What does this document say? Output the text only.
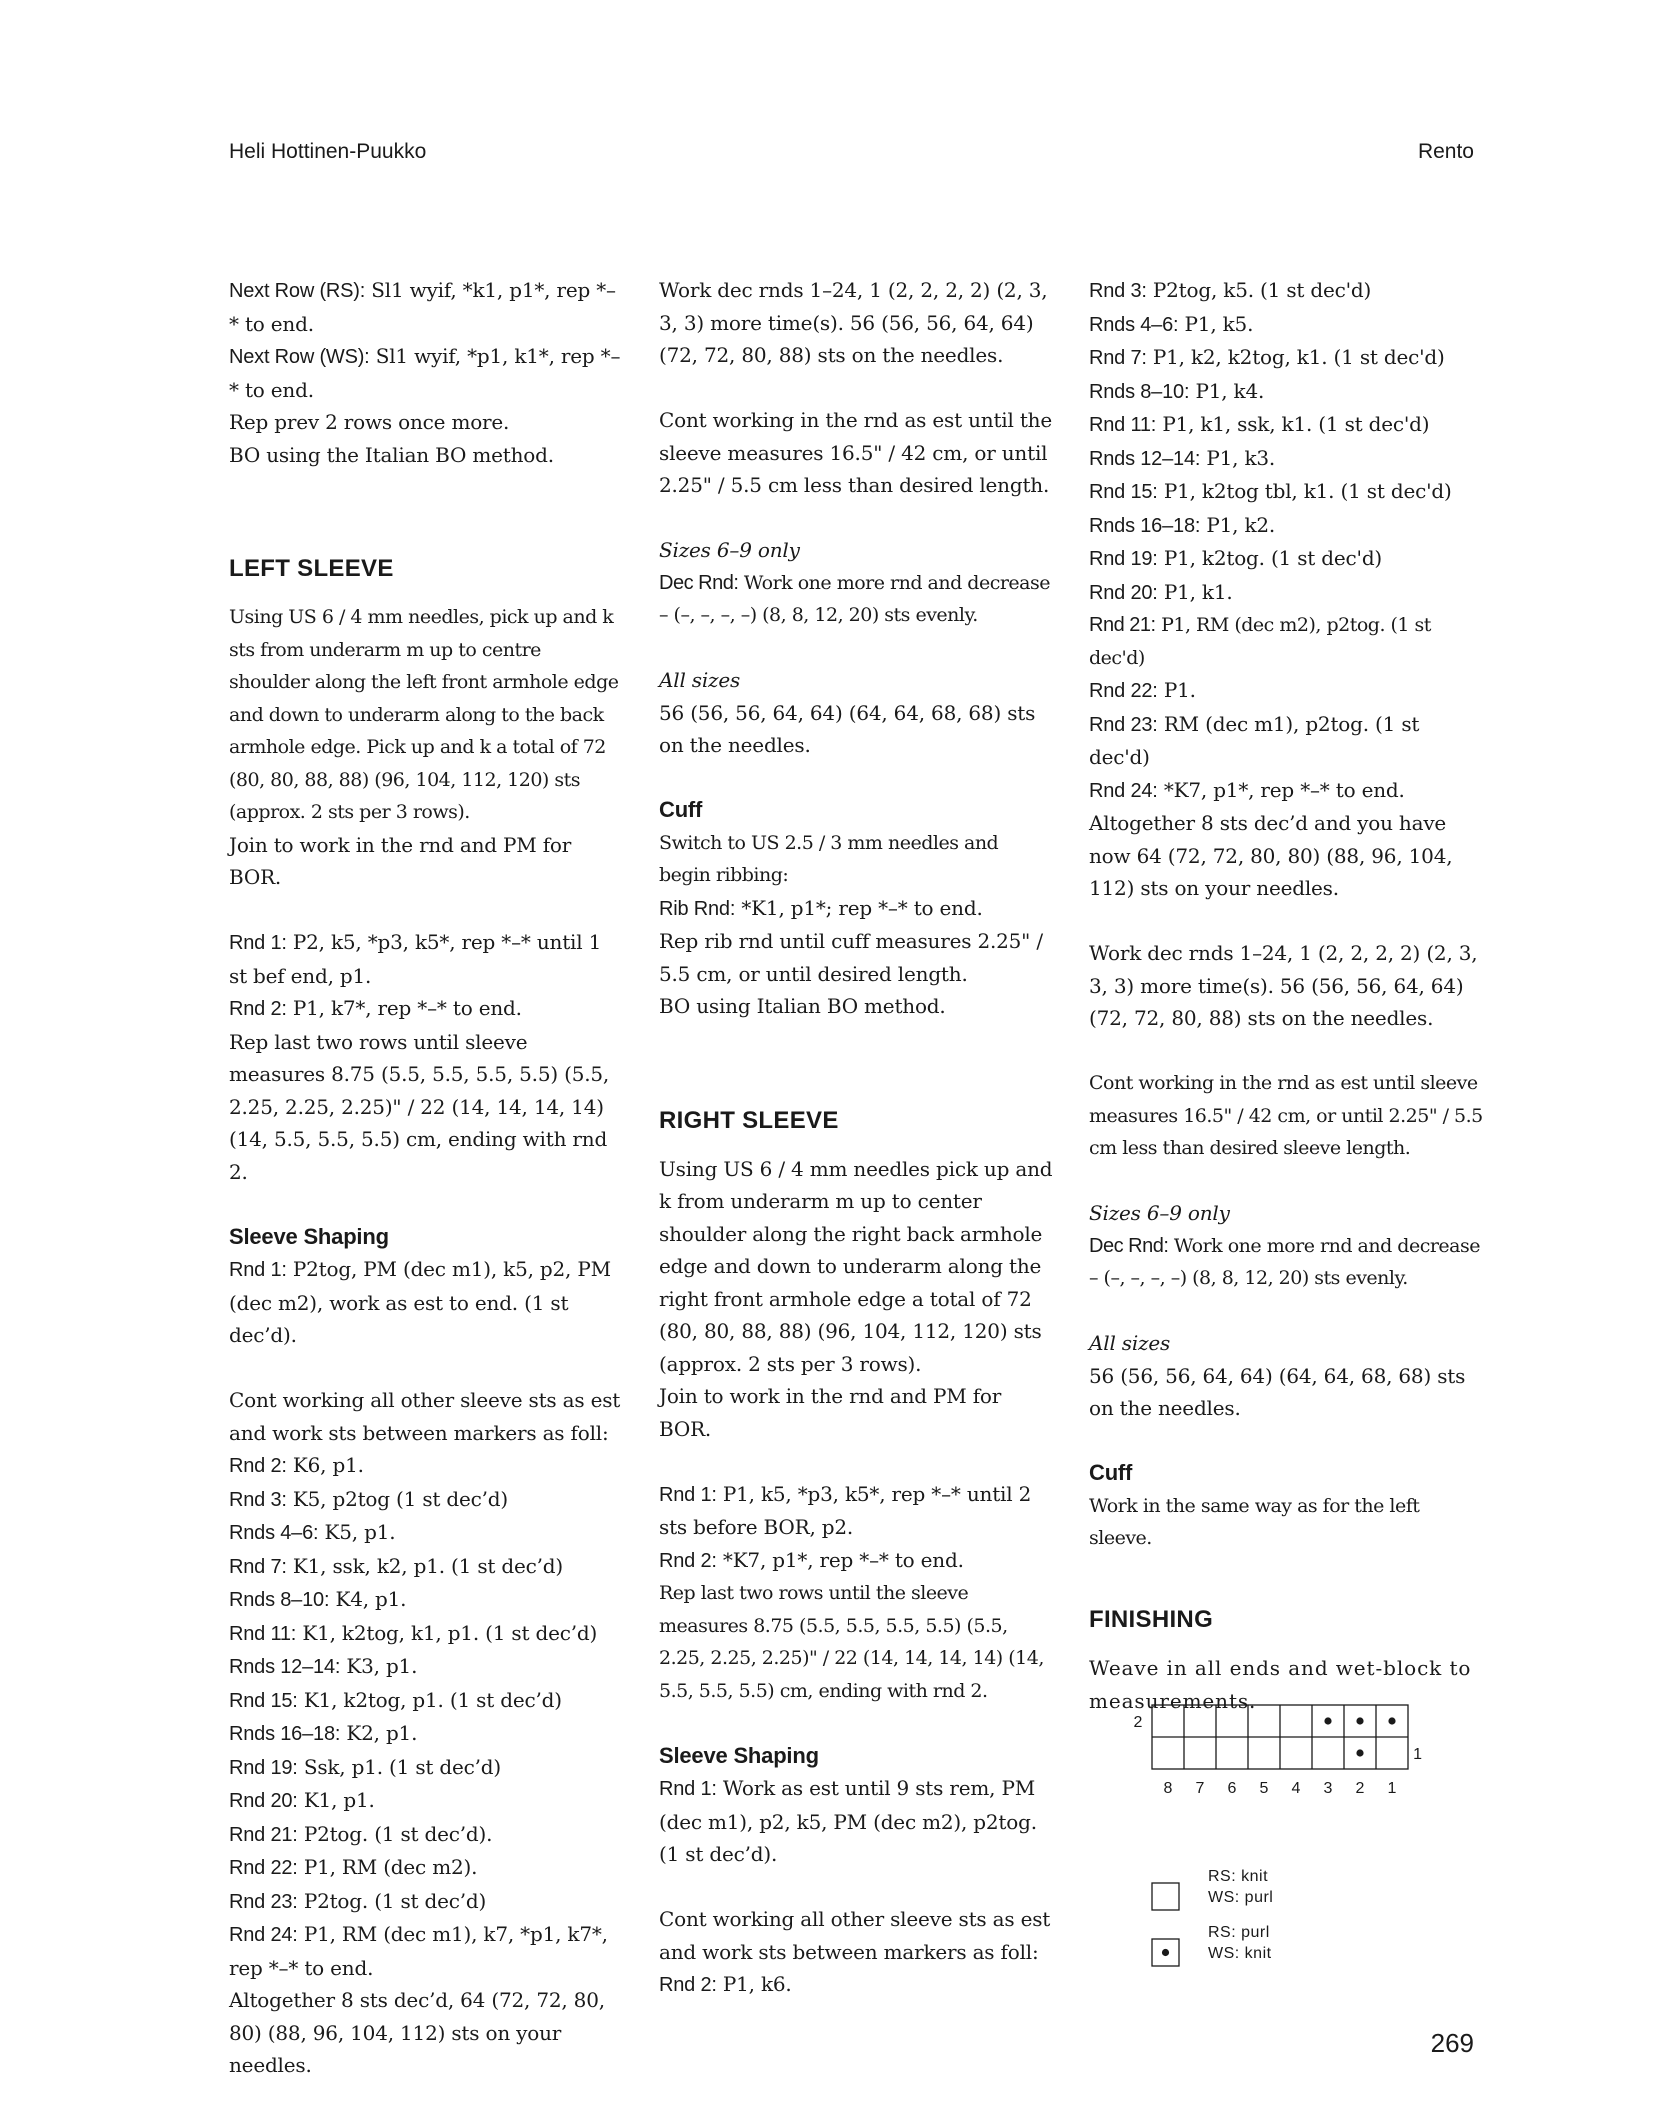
Heli Hottinen-Puukko	Rento

Next Row (RS): Sl1 wyif, *k1, p1*, rep *–* to end.

Next Row (WS): Sl1 wyif, *p1, k1*, rep *–* to end.

Rep prev 2 rows once more.

BO using the Italian BO method.

LEFT SLEEVE

Using US 6 / 4 mm needles, pick up and k sts from underarm m up to centre shoulder along the left front armhole edge and down to underarm along to the back armhole edge. Pick up and k a total of 72 (80, 80, 88, 88) (96, 104, 112, 120) sts (approx. 2 sts per 3 rows).

Join to work in the rnd and PM for BOR.

Rnd 1: P2, k5, *p3, k5*, rep *–* until 1 st bef end, p1.

Rnd 2: P1, k7*, rep *–* to end.

Rep last two rows until sleeve measures 8.75 (5.5, 5.5, 5.5, 5.5) (5.5, 2.25, 2.25, 2.25)" / 22 (14, 14, 14, 14) (14, 5.5, 5.5, 5.5) cm, ending with rnd 2.

Sleeve Shaping

Rnd 1: P2tog, PM (dec m1), k5, p2, PM (dec m2), work as est to end. (1 st dec’d).

Cont working all other sleeve sts as est and work sts between markers as foll:

Rnd 2: K6, p1.

Rnd 3: K5, p2tog (1 st dec’d)

Rnds 4–6: K5, p1.

Rnd 7: K1, ssk, k2, p1. (1 st dec’d)

Rnds 8–10: K4, p1.

Rnd 11: K1, k2tog, k1, p1. (1 st dec’d)

Rnds 12–14: K3, p1.

Rnd 15: K1, k2tog, p1. (1 st dec’d)

Rnds 16–18: K2, p1.

Rnd 19: Ssk, p1. (1 st dec’d)

Rnd 20: K1, p1.

Rnd 21: P2tog. (1 st dec’d).

Rnd 22: P1, RM (dec m2).

Rnd 23: P2tog. (1 st dec’d)

Rnd 24: P1, RM (dec m1), k7, *p1, k7*, rep *–* to end.

Altogether 8 sts dec’d, 64 (72, 72, 80, 80) (88, 96, 104, 112) sts on your needles.

Work dec rnds 1–24, 1 (2, 2, 2, 2) (2, 3, 3, 3) more time(s). 56 (56, 56, 64, 64) (72, 72, 80, 88) sts on the needles.

Cont working in the rnd as est until the sleeve measures 16.5" / 42 cm, or until 2.25" / 5.5 cm less than desired length.

Sizes 6–9 only

Dec Rnd: Work one more rnd and decrease – (–, –, –, –) (8, 8, 12, 20) sts evenly.

All sizes

56 (56, 56, 64, 64) (64, 64, 68, 68) sts on the needles.

Cuff

Switch to US 2.5 / 3 mm needles and begin ribbing:

Rib Rnd: *K1, p1*; rep *–* to end.

Rep rib rnd until cuff measures 2.25" / 5.5 cm, or until desired length.

BO using Italian BO method.

RIGHT SLEEVE

Using US 6 / 4 mm needles pick up and k from underarm m up to center shoulder along the right back armhole edge and down to underarm along the right front armhole edge a total of 72 (80, 80, 88, 88) (96, 104, 112, 120) sts (approx. 2 sts per 3 rows).

Join to work in the rnd and PM for BOR.

Rnd 1: P1, k5, *p3, k5*, rep *–* until 2 sts before BOR, p2.

Rnd 2: *K7, p1*, rep *–* to end.

Rep last two rows until the sleeve measures 8.75 (5.5, 5.5, 5.5, 5.5) (5.5, 2.25, 2.25, 2.25)" / 22 (14, 14, 14, 14) (14, 5.5, 5.5, 5.5) cm, ending with rnd 2.

Sleeve Shaping

Rnd 1: Work as est until 9 sts rem, PM (dec m1), p2, k5, PM (dec m2), p2tog. (1 st dec’d).

Cont working all other sleeve sts as est and work sts between markers as foll:

Rnd 2: P1, k6.

Rnd 3: P2tog, k5. (1 st dec'd)

Rnds 4–6: P1, k5.

Rnd 7: P1, k2, k2tog, k1. (1 st dec'd)

Rnds 8–10: P1, k4.

Rnd 11: P1, k1, ssk, k1. (1 st dec'd)

Rnds 12–14: P1, k3.

Rnd 15: P1, k2tog tbl, k1. (1 st dec'd)

Rnds 16–18: P1, k2.

Rnd 19: P1, k2tog. (1 st dec'd)

Rnd 20: P1, k1.

Rnd 21: P1, RM (dec m2), p2tog. (1 st dec'd)

Rnd 22: P1.

Rnd 23: RM (dec m1), p2tog. (1 st dec'd)

Rnd 24: *K7, p1*, rep *–* to end.

Altogether 8 sts dec’d and you have now 64 (72, 72, 80, 80) (88, 96, 104, 112) sts on your needles.

Work dec rnds 1–24, 1 (2, 2, 2, 2) (2, 3, 3, 3) more time(s). 56 (56, 56, 64, 64) (72, 72, 80, 88) sts on the needles.

Cont working in the rnd as est until sleeve measures 16.5" / 42 cm, or until 2.25" / 5.5 cm less than desired sleeve length.

Sizes 6–9 only

Dec Rnd: Work one more rnd and decrease – (–, –, –, –) (8, 8, 12, 20) sts evenly.

All sizes

56 (56, 56, 64, 64) (64, 64, 68, 68) sts on the needles.

Cuff

Work in the same way as for the left sleeve.

FINISHING

Weave in all ends and wet-block to measurements.

2
1
8 7 6 5 4 3 2 1
RS: knit
WS: purl
RS: purl
WS: knit
269
